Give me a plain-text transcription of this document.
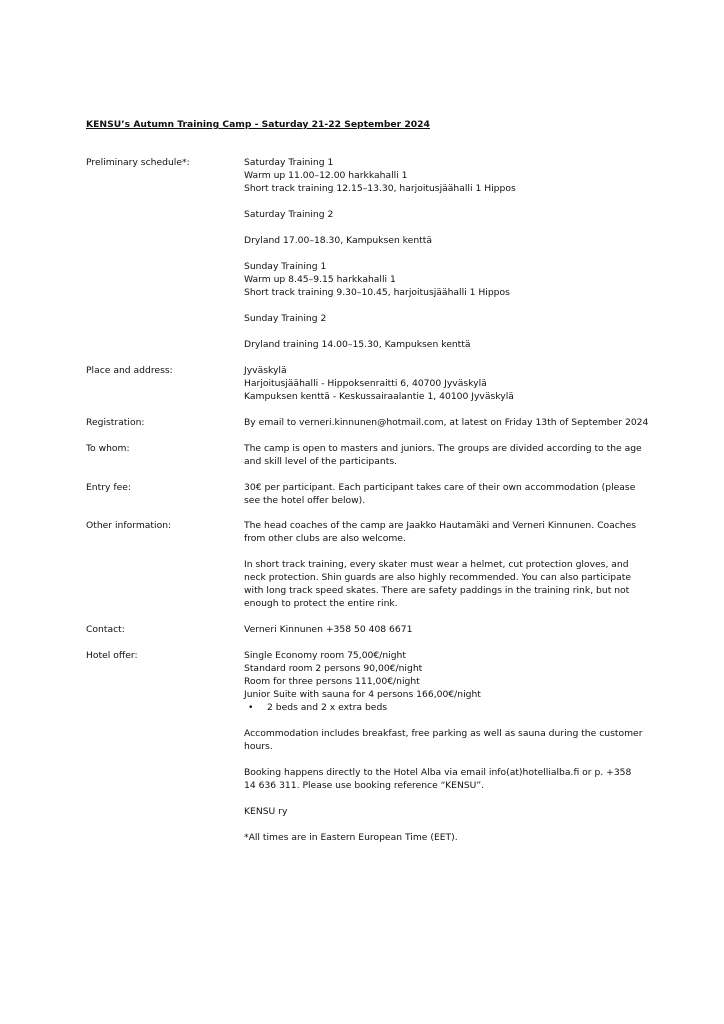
KENSU’s Autumn Training Camp - Saturday 21-22 September 2024
Preliminary schedule*:	Saturday Training 1
Warm up 11.00–12.00 harkkahalli 1
Short track training 12.15–13.30, harjoitusjäähalli 1 Hippos
Saturday Training 2
Dryland 17.00–18.30, Kampuksen kenttä
Sunday Training 1
Warm up 8.45–9.15 harkkahalli 1
Short track training 9.30–10.45, harjoitusjäähalli 1 Hippos
Sunday Training 2
Dryland training 14.00–15.30, Kampuksen kenttä
Place and address:	Jyväskylä
Harjoitusjäähalli - Hippoksenraitti 6, 40700 Jyväskylä
Kampuksen kenttä - Keskussairaalantie 1, 40100 Jyväskylä
Registration:	By email to verneri.kinnunen@hotmail.com, at latest on Friday 13th of September 2024
To whom:	The camp is open to masters and juniors. The groups are divided according to the age and skill level of the participants.
Entry fee:	30€ per participant. Each participant takes care of their own accommodation (please see the hotel offer below).
Other information:	The head coaches of the camp are Jaakko Hautamäki and Verneri Kinnunen. Coaches from other clubs are also welcome.
In short track training, every skater must wear a helmet, cut protection gloves, and neck protection. Shin guards are also highly recommended. You can also participate with long track speed skates. There are safety paddings in the training rink, but not enough to protect the entire rink.
Contact:	Verneri Kinnunen +358 50 408 6671
Hotel offer:	Single Economy room 75,00€/night
Standard room 2 persons 90,00€/night
Room for three persons 111,00€/night
Junior Suite with sauna for 4 persons 166,00€/night
• 2 beds and 2 x extra beds
Accommodation includes breakfast, free parking as well as sauna during the customer hours.
Booking happens directly to the Hotel Alba via email info(at)hotellialba.fi or p. +358 14 636 311. Please use booking reference “KENSU”.
KENSU ry
*All times are in Eastern European Time (EET).
